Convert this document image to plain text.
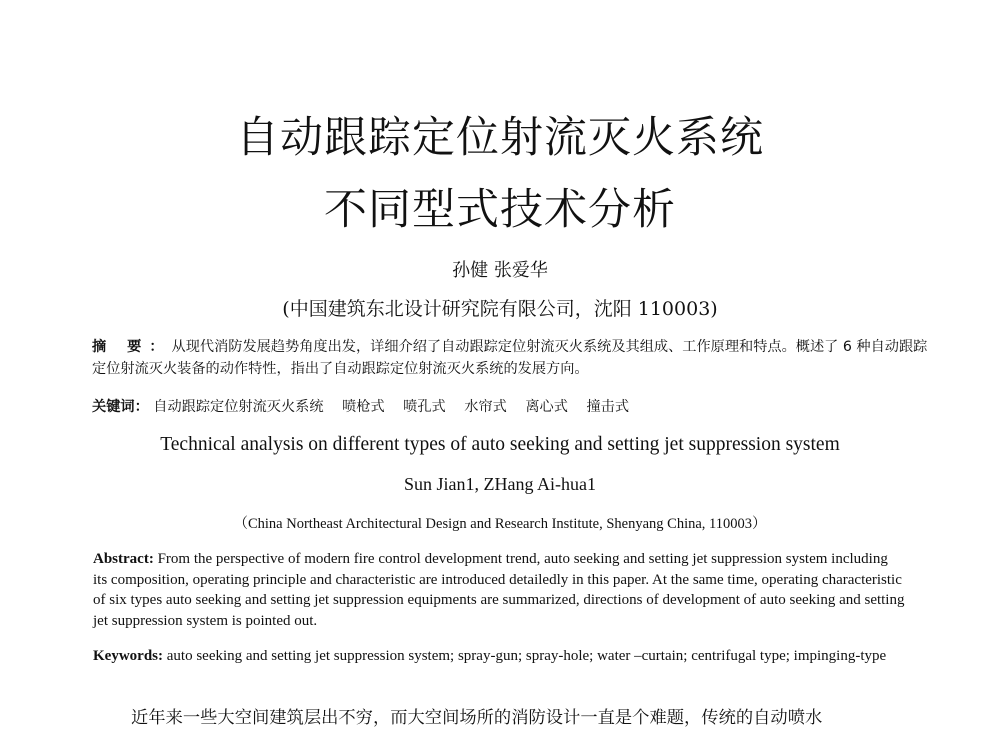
自动跟踪定位射流灭火系统
不同型式技术分析
孙健 张爱华
(中国建筑东北设计研究院有限公司，沈阳 110003)
摘 要：从现代消防发展趋势角度出发，详细介绍了自动跟踪定位射流灭火系统及其组成、工作原理和特点。概述了 6 种自动跟踪定位射流灭火装备的动作特性，指出了自动跟踪定位射流灭火系统的发展方向。
关键词： 自动跟踪定位射流灭火系统 喷枪式 喷孔式 水帘式 离心式 撞击式
Technical analysis on different types of auto seeking and setting jet suppression system
Sun Jian1, ZHang Ai-hua1
（China Northeast Architectural Design and Research Institute, Shenyang China, 110003）
Abstract: From the perspective of modern fire control development trend, auto seeking and setting jet suppression system including its composition, operating principle and characteristic are introduced detailedly in this paper. At the same time, operating characteristic of six types auto seeking and setting jet suppression equipments are summarized, directions of development of auto seeking and setting jet suppression system is pointed out.
Keywords: auto seeking and setting jet suppression system; spray-gun; spray-hole; water –curtain; centrifugal type; impinging-type
近年来一些大空间建筑层出不穷，而大空间场所的消防设计一直是个难题，传统的自动喷水
